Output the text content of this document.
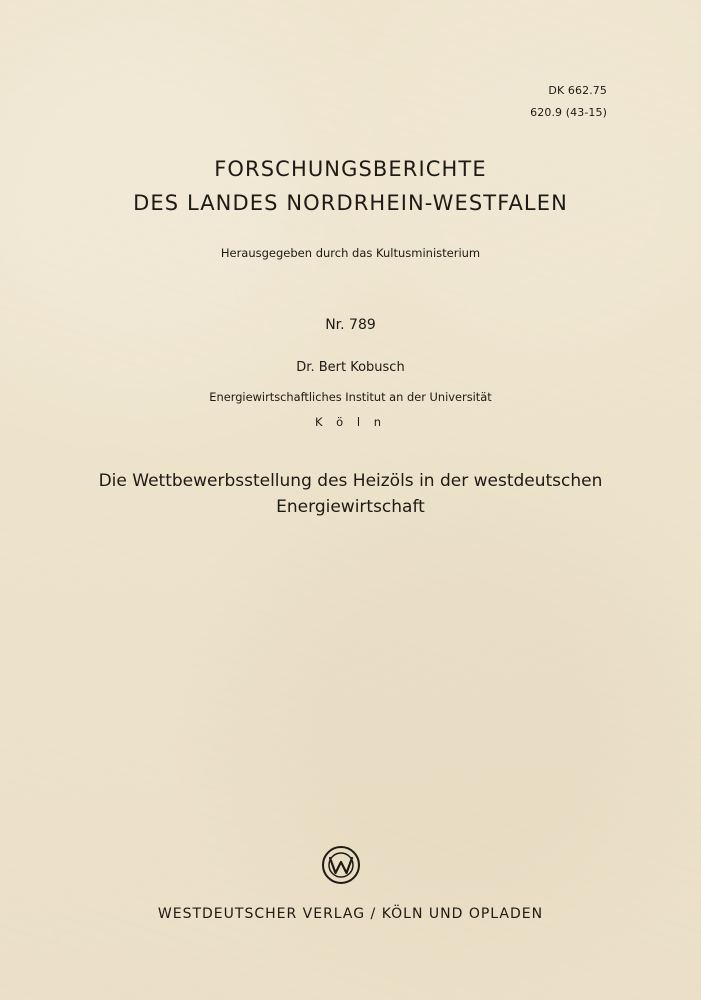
DK 662.75
620.9 (43-15)
FORSCHUNGSBERICHTE
DES LANDES NORDRHEIN-WESTFALEN
Herausgegeben durch das Kultusministerium
Nr. 789
Dr. Bert Kobusch
Energiewirtschaftliches Institut an der Universität
K ö l n
Die Wettbewerbsstellung des Heizöls in der westdeutschen
Energiewirtschaft
WESTDEUTSCHER VERLAG / KÖLN UND OPLADEN
